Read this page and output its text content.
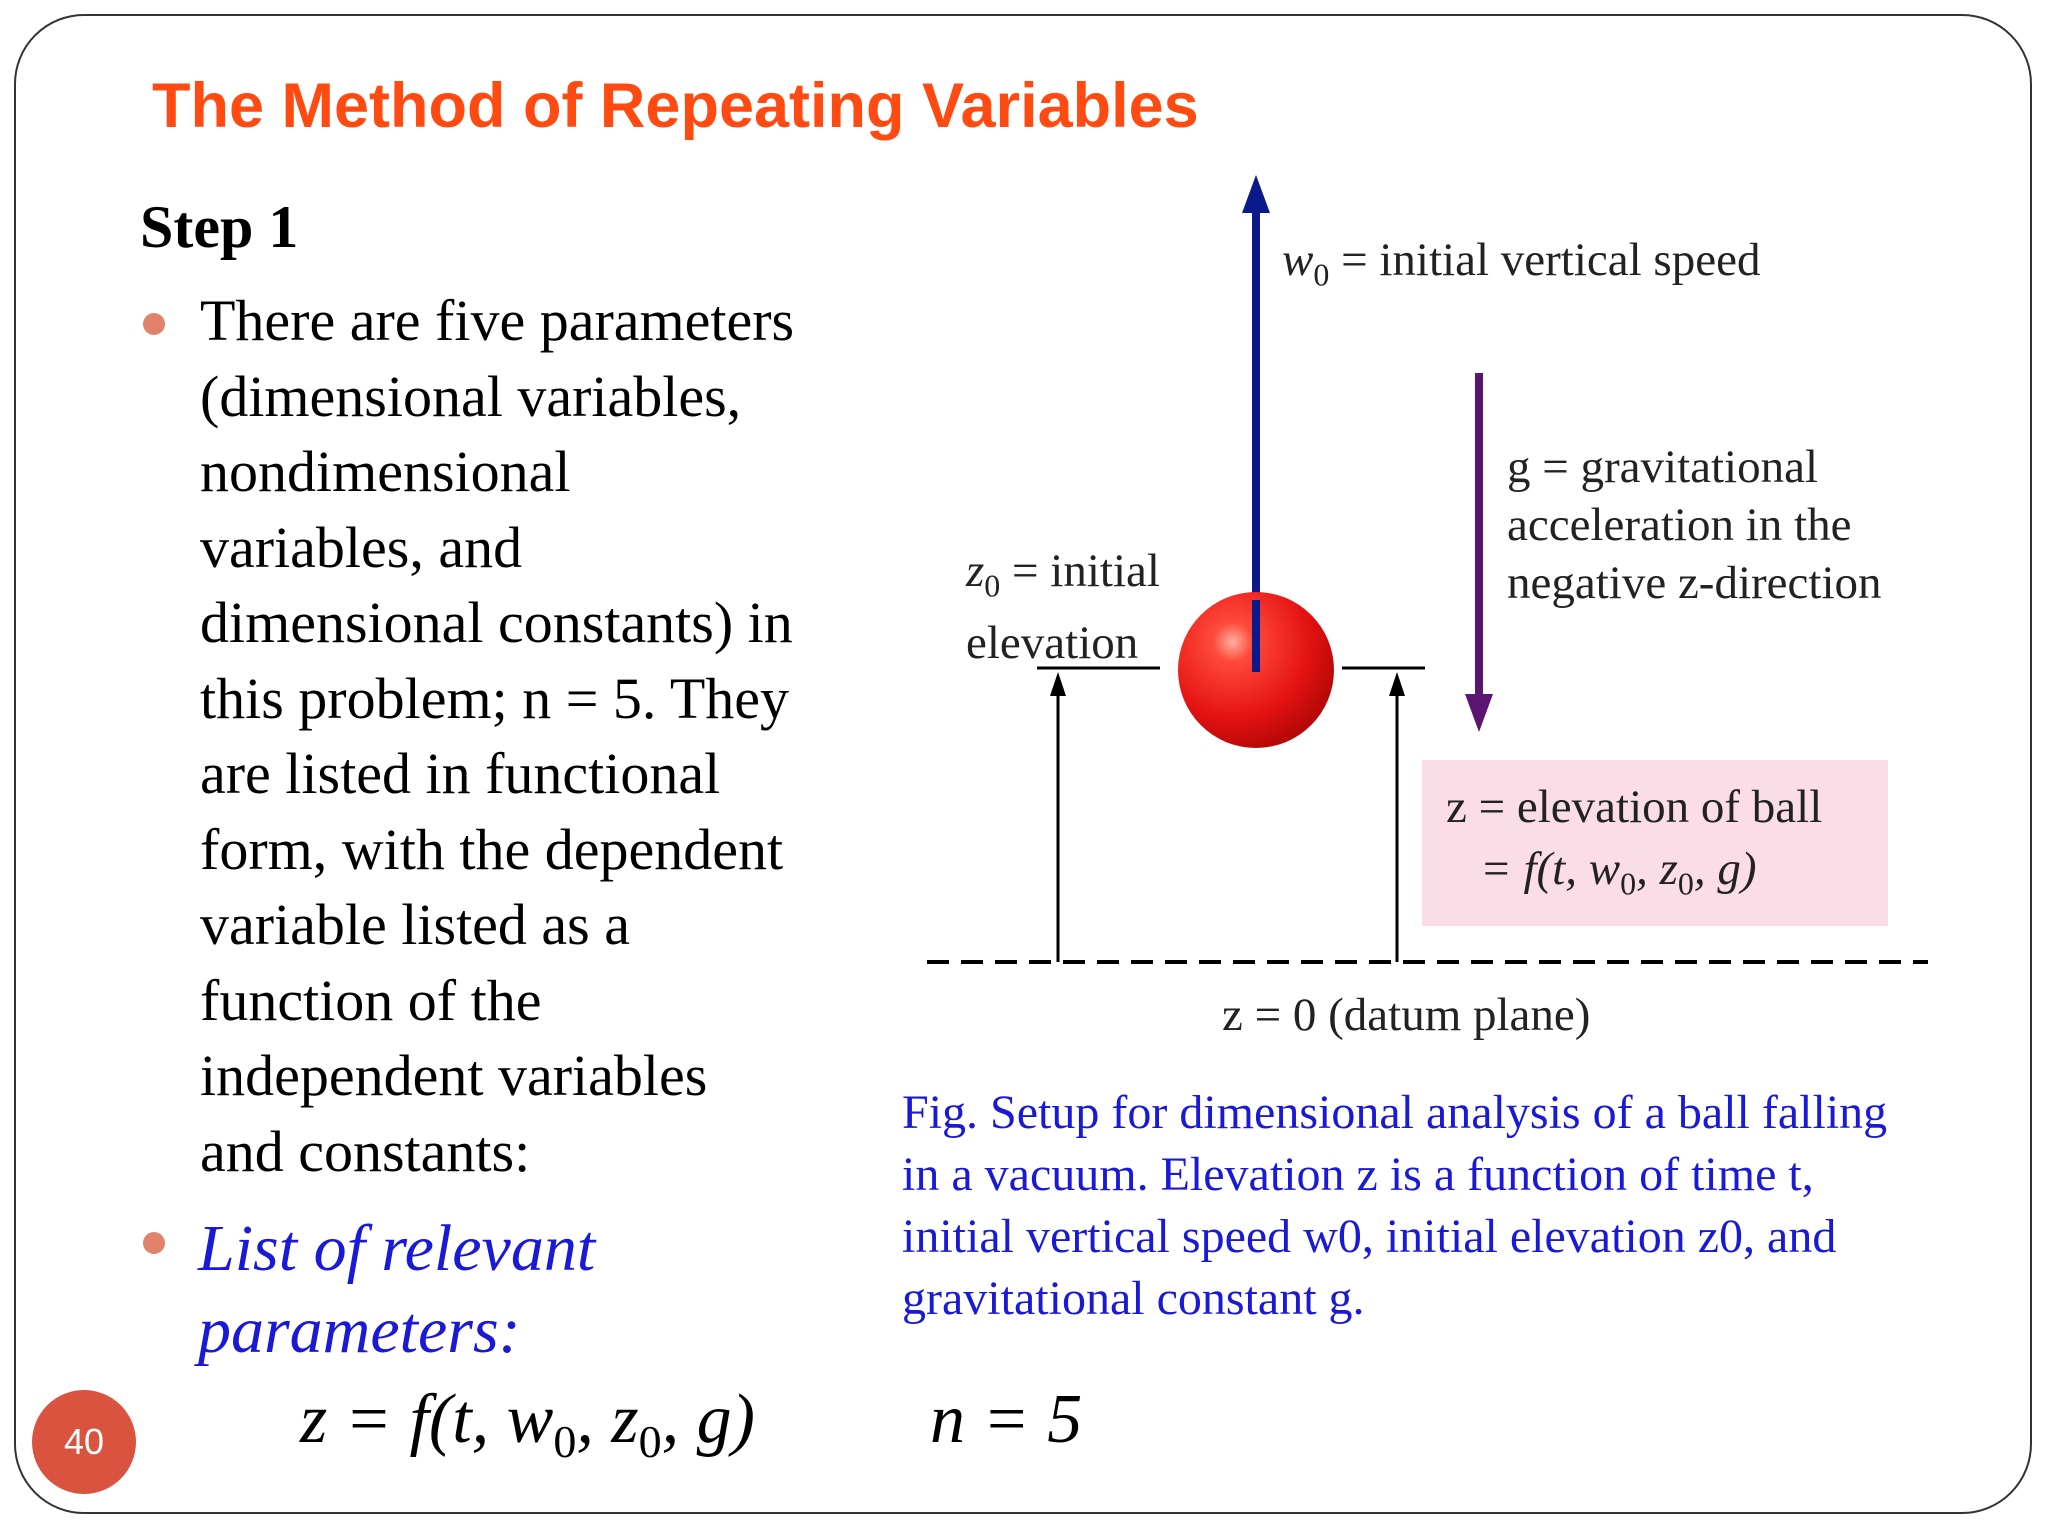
The Method of Repeating Variables
Step 1
There are five parameters
(dimensional variables,
nondimensional
variables, and
dimensional constants) in
this problem; n = 5. They
are listed in functional
form, with the dependent
variable listed as a
function of the
independent variables
and constants:
List of relevant
parameters:
z = f(t, $w_0$, $z_0$, g)	n = 5
40
$w_0$ = initial vertical speed
g = gravitational
acceleration in the
negative z-direction
$z_0$ = initial
elevation
z = elevation of ball
= f(t, $w_0$, $z_0$, g)
z = 0 (datum plane)
Fig. Setup for dimensional analysis of a ball falling
in a vacuum. Elevation z is a function of time t,
initial vertical speed w0, initial elevation z0, and
gravitational constant g.
